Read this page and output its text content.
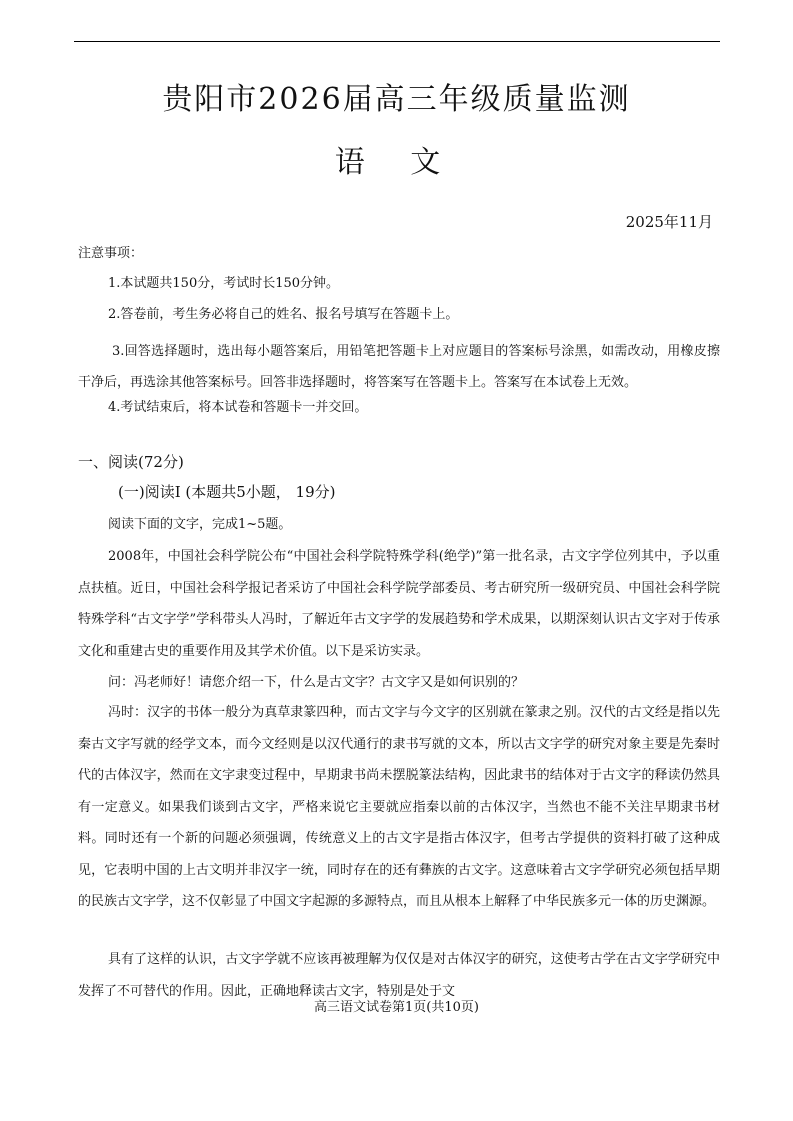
贵阳市2026届高三年级质量监测
语 文
2025年11月
注意事项：
1.本试题共150分，考试时长150分钟。
2.答卷前，考生务必将自己的姓名、报名号填写在答题卡上。
3.回答选择题时，选出每小题答案后，用铅笔把答题卡上对应题目的答案标号涂黑，如需改动，用橡皮擦干净后，再选涂其他答案标号。回答非选择题时，将答案写在答题卡上。答案写在本试卷上无效。
4.考试结束后，将本试卷和答题卡一并交回。
一、阅读(72分)
(一)阅读Ⅰ (本题共5小题， 19分)

阅读下面的文字，完成1~5题。

2008年，中国社会科学院公布“中国社会科学院特殊学科(绝学)”第一批名录，古文字学位列其中，予以重点扶植。近日，中国社会科学报记者采访了中国社会科学院学部委员、考古研究所一级研究员、中国社会科学院特殊学科“古文字学”学科带头人冯时，了解近年古文字学的发展趋势和学术成果，以期深刻认识古文字对于传承文化和重建古史的重要作用及其学术价值。以下是采访实录。

问：冯老师好！请您介绍一下，什么是古文字？古文字又是如何识别的？

冯时：汉字的书体一般分为真草隶篆四种，而古文字与今文字的区别就在篆隶之别。汉代的古文经是指以先秦古文字写就的经学文本，而今文经则是以汉代通行的隶书写就的文本，所以古文字学的研究对象主要是先秦时代的古体汉字，然而在文字隶变过程中，早期隶书尚未摆脱篆法结构，因此隶书的结体对于古文字的释读仍然具有一定意义。如果我们谈到古文字，严格来说它主要就应指秦以前的古体汉字，当然也不能不关注早期隶书材料。同时还有一个新的问题必须强调，传统意义上的古文字是指古体汉字，但考古学提供的资料打破了这种成见，它表明中国的上古文明并非汉字一统，同时存在的还有彝族的古文字。这意味着古文字学研究必须包括早期的民族古文字学，这不仅彰显了中国文字起源的多源特点，而且从根本上解释了中华民族多元一体的历史渊源。

具有了这样的认识，古文字学就不应该再被理解为仅仅是对古体汉字的研究，这使考古学在古文字学研究中发挥了不可替代的作用。因此，正确地释读古文字，特别是处于文

高三语文试卷第1页(共10页)
